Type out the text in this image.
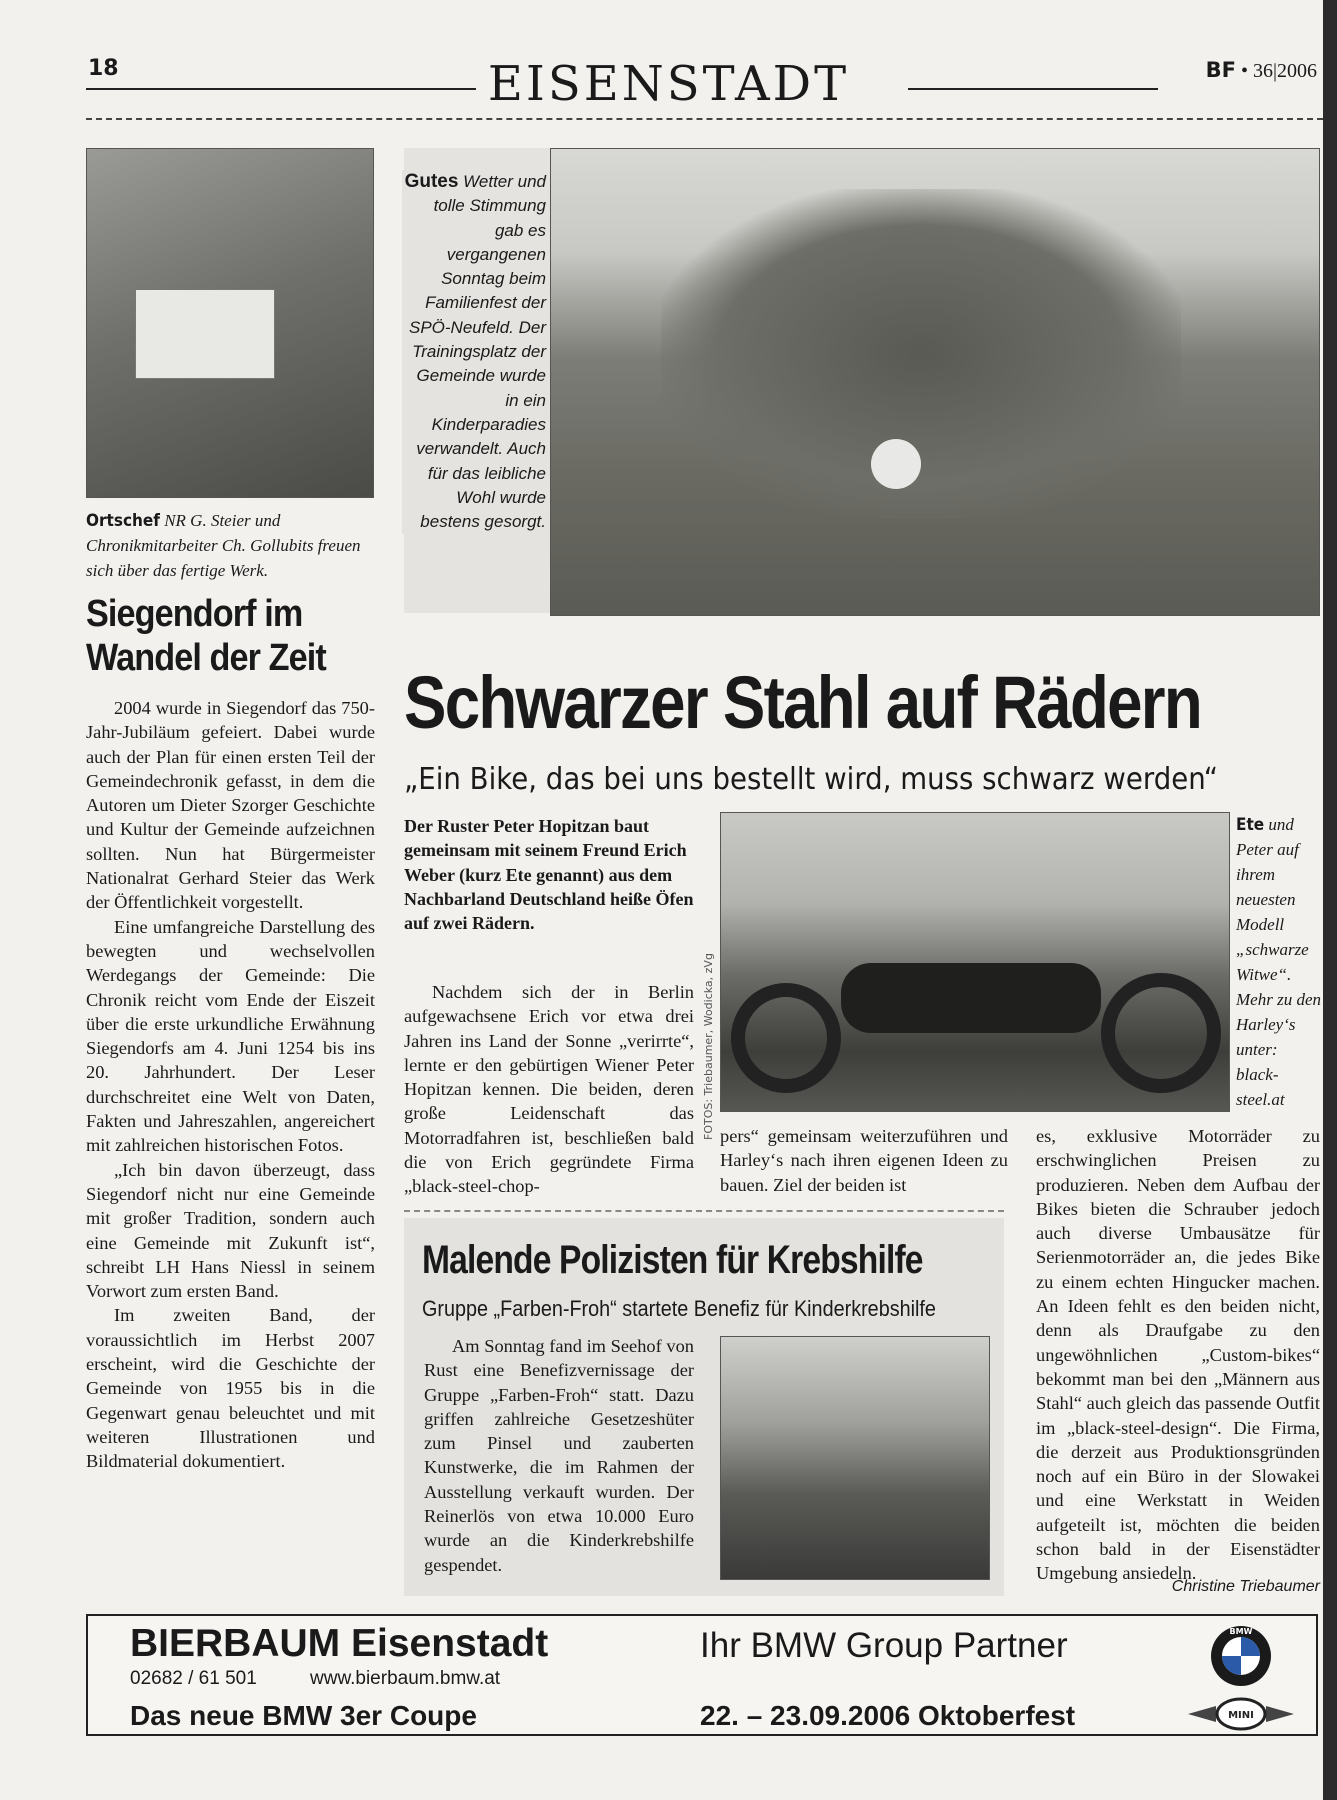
18	EISENSTADT	BF • 36|2006
Ortschef NR G. Steier und Chronikmitarbeiter Ch. Gollubits freuen sich über das fertige Werk.
Siegendorf im Wandel der Zeit

2004 wurde in Siegendorf das 750-Jahr-Jubiläum gefeiert. Dabei wurde auch der Plan für einen ersten Teil der Gemeindechronik gefasst, in dem die Autoren um Dieter Szorger Geschichte und Kultur der Gemeinde aufzeichnen sollten. Nun hat Bürgermeister Nationalrat Gerhard Steier das Werk der Öffentlichkeit vorgestellt.

Eine umfangreiche Darstellung des bewegten und wechselvollen Werdegangs der Gemeinde: Die Chronik reicht vom Ende der Eiszeit über die erste urkundliche Erwähnung Siegendorfs am 4. Juni 1254 bis ins 20. Jahrhundert. Der Leser durchschreitet eine Welt von Daten, Fakten und Jahreszahlen, angereichert mit zahlreichen historischen Fotos.

„Ich bin davon überzeugt, dass Siegendorf nicht nur eine Gemeinde mit großer Tradition, sondern auch eine Gemeinde mit Zukunft ist“, schreibt LH Hans Niessl in seinem Vorwort zum ersten Band.

Im zweiten Band, der voraussichtlich im Herbst 2007 erscheint, wird die Geschichte der Gemeinde von 1955 bis in die Gegenwart genau beleuchtet und mit weiteren Illustrationen und Bildmaterial dokumentiert.

Gutes Wetter und tolle Stimmung gab es vergangenen Sonntag beim Familienfest der SPÖ-Neufeld. Der Trainingsplatz der Gemeinde wurde in ein Kinderparadies verwandelt. Auch für das leibliche Wohl wurde bestens gesorgt.
Schwarzer Stahl auf Rädern
„Ein Bike, das bei uns bestellt wird, muss schwarz werden“
Der Ruster Peter Hopitzan baut gemeinsam mit seinem Freund Erich Weber (kurz Ete genannt) aus dem Nachbarland Deutschland heiße Öfen auf zwei Rädern.

Nachdem sich der in Berlin aufgewachsene Erich vor etwa drei Jahren ins Land der Sonne „verirrte“, lernte er den gebürtigen Wiener Peter Hopitzan kennen. Die beiden, deren große Leidenschaft das Motorradfahren ist, beschließen bald die von Erich gegründete Firma „black-steel-chop-

FOTOS: Triebaumer, Wodicka, zVg
Ete und Peter auf ihrem neuesten Modell „schwarze Witwe“. Mehr zu den Harley‘s unter: black-steel.at
pers“ gemeinsam weiterzuführen und Harley‘s nach ihren eigenen Ideen zu bauen. Ziel der beiden ist
es, exklusive Motorräder zu erschwinglichen Preisen zu produzieren. Neben dem Aufbau der Bikes bieten die Schrauber jedoch auch diverse Umbausätze für Serienmotorräder an, die jedes Bike zu einem echten Hingucker machen. An Ideen fehlt es den beiden nicht, denn als Draufgabe zu den ungewöhnlichen „Custom-bikes“ bekommt man bei den „Männern aus Stahl“ auch gleich das passende Outfit im „black-steel-design“. Die Firma, die derzeit aus Produktionsgründen noch auf ein Büro in der Slowakei und eine Werkstatt in Weiden aufgeteilt ist, möchten die beiden schon bald in der Eisenstädter Umgebung ansiedeln.
Christine Triebaumer
Malende Polizisten für Krebshilfe
Gruppe „Farben-Froh“ startete Benefiz für Kinderkrebshilfe

Am Sonntag fand im Seehof von Rust eine Benefizvernissage der Gruppe „Farben-Froh“ statt. Dazu griffen zahlreiche Gesetzeshüter zum Pinsel und zauberten Kunstwerke, die im Rahmen der Ausstellung verkauft wurden. Der Reinerlös von etwa 10.000 Euro wurde an die Kinderkrebshilfe gespendet.

BIERBAUM Eisenstadt
02682 / 61 501	www.bierbaum.bmw.at
Das neue BMW 3er Coupe
Ihr BMW Group Partner
22. – 23.09.2006 Oktoberfest
BMW
MINI
